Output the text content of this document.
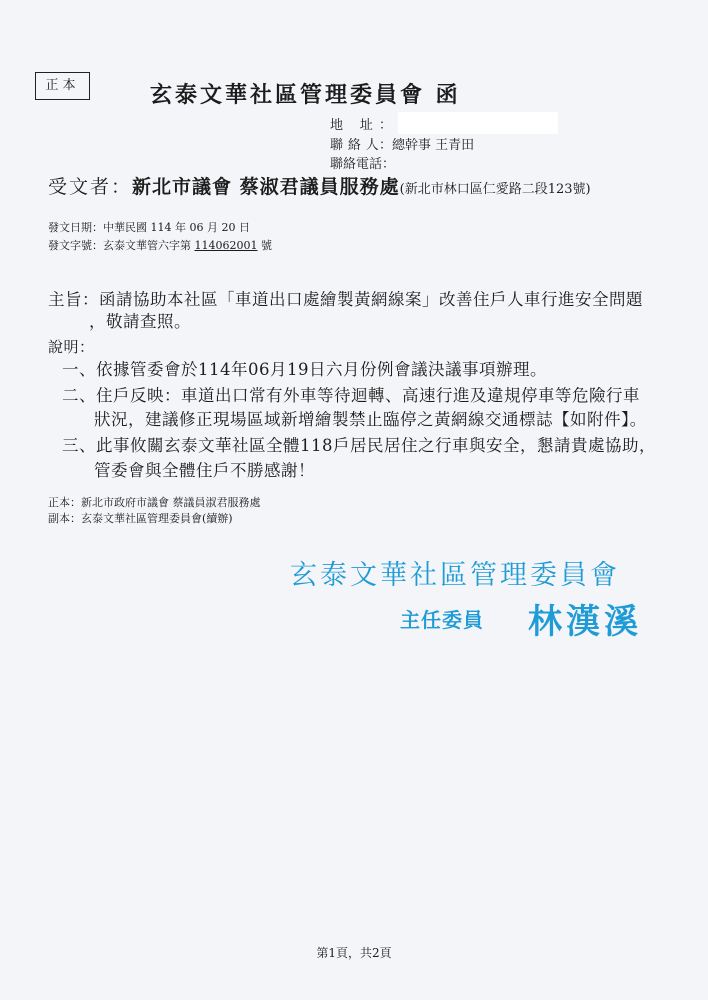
正本	玄泰文華社區管理委員會 函
地 址：
聯 絡 人：總幹事 王青田
聯絡電話：
受文者：新北市議會 蔡淑君議員服務處(新北市林口區仁愛路二段123號)
發文日期：中華民國 114 年 06 月 20 日
發文字號：玄泰文華管六字第 114062001 號
主旨：函請協助本社區「車道出口處繪製黃網線案」改善住戶人車行進安全問題
，敬請查照。
說明：
一、依據管委會於114年06月19日六月份例會議決議事項辦理。
二、住戶反映：車道出口常有外車等待迴轉、高速行進及違規停車等危險行車
狀況，建議修正現場區域新增繪製禁止臨停之黃網線交通標誌【如附件】。
三、此事攸關玄泰文華社區全體118戶居民居住之行車與安全，懇請貴處協助，
管委會與全體住戶不勝感謝！
正本：新北市政府市議會 蔡議員淑君服務處
副本：玄泰文華社區管理委員會(續辦)
玄泰文華社區管理委員會
主任委員 林漢溪
第1頁，共2頁
